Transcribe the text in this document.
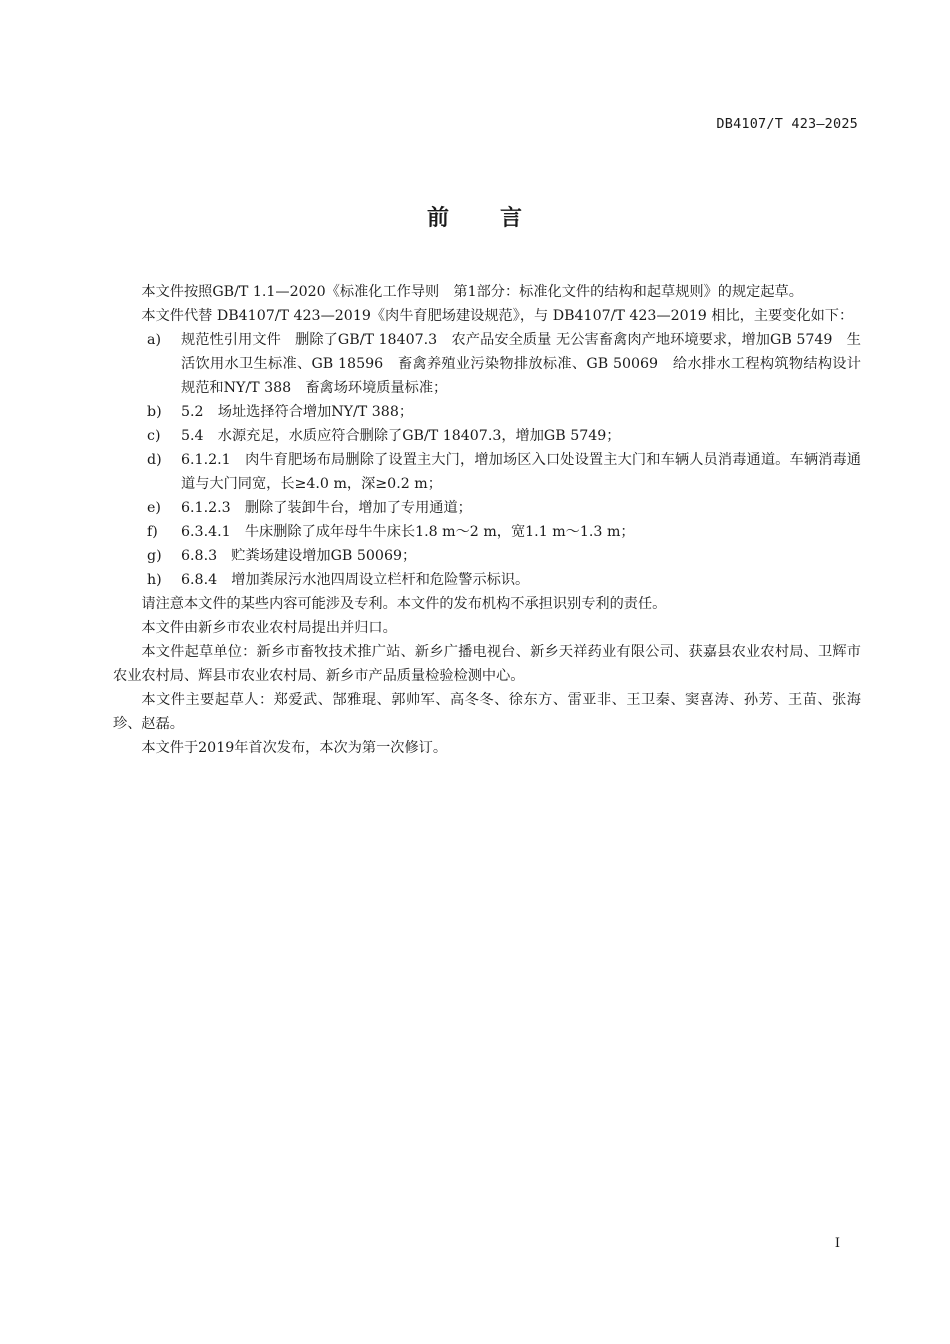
DB4107/T 423—2025
前 言

本文件按照GB/T 1.1—2020《标准化工作导则　第1部分：标准化文件的结构和起草规则》的规定起草。

本文件代替 DB4107/T 423—2019《肉牛育肥场建设规范》，与 DB4107/T 423—2019 相比，主要变化如下：

a) 规范性引用文件　删除了GB/T 18407.3　农产品安全质量 无公害畜禽肉产地环境要求，增加GB 5749　生活饮用水卫生标准、GB 18596　畜禽养殖业污染物排放标准、GB 50069　给水排水工程构筑物结构设计规范和NY/T 388　畜禽场环境质量标准；

b) 5.2　场址选择符合增加NY/T 388；

c) 5.4　水源充足，水质应符合删除了GB/T 18407.3，增加GB 5749；

d) 6.1.2.1　肉牛育肥场布局删除了设置主大门，增加场区入口处设置主大门和车辆人员消毒通道。车辆消毒通道与大门同宽，长≥4.0 m，深≥0.2 m；

e) 6.1.2.3　删除了装卸牛台，增加了专用通道；

f) 6.3.4.1　牛床删除了成年母牛牛床长1.8 m～2 m，宽1.1 m～1.3 m；

g) 6.8.3　贮粪场建设增加GB 50069；

h) 6.8.4　增加粪尿污水池四周设立栏杆和危险警示标识。

请注意本文件的某些内容可能涉及专利。本文件的发布机构不承担识别专利的责任。

本文件由新乡市农业农村局提出并归口。

本文件起草单位：新乡市畜牧技术推广站、新乡广播电视台、新乡天祥药业有限公司、获嘉县农业农村局、卫辉市农业农村局、辉县市农业农村局、新乡市产品质量检验检测中心。

本文件主要起草人：郑爱武、郜雅琨、郭帅军、高冬冬、徐东方、雷亚非、王卫秦、窦喜涛、孙芳、王苗、张海珍、赵磊。

本文件于2019年首次发布，本次为第一次修订。

I
